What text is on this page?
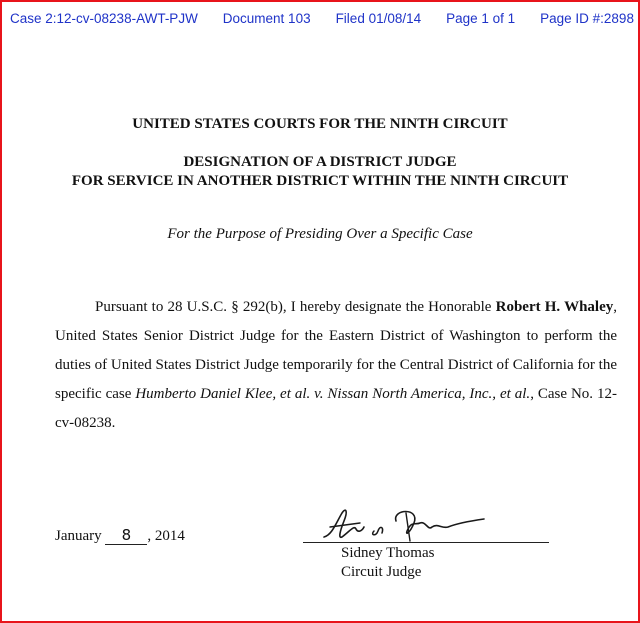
Case 2:12-cv-08238-AWT-PJW Document 103 Filed 01/08/14 Page 1 of 1 Page ID #:2898
UNITED STATES COURTS FOR THE NINTH CIRCUIT
DESIGNATION OF A DISTRICT JUDGE
FOR SERVICE IN ANOTHER DISTRICT WITHIN THE NINTH CIRCUIT
For the Purpose of Presiding Over a Specific Case
Pursuant to 28 U.S.C. § 292(b), I hereby designate the Honorable Robert H. Whaley, United States Senior District Judge for the Eastern District of Washington to perform the duties of United States District Judge temporarily for the Central District of California for the specific case Humberto Daniel Klee, et al. v. Nissan North America, Inc., et al., Case No. 12-cv-08238.
January 8 , 2014
Sidney Thomas
Circuit Judge
